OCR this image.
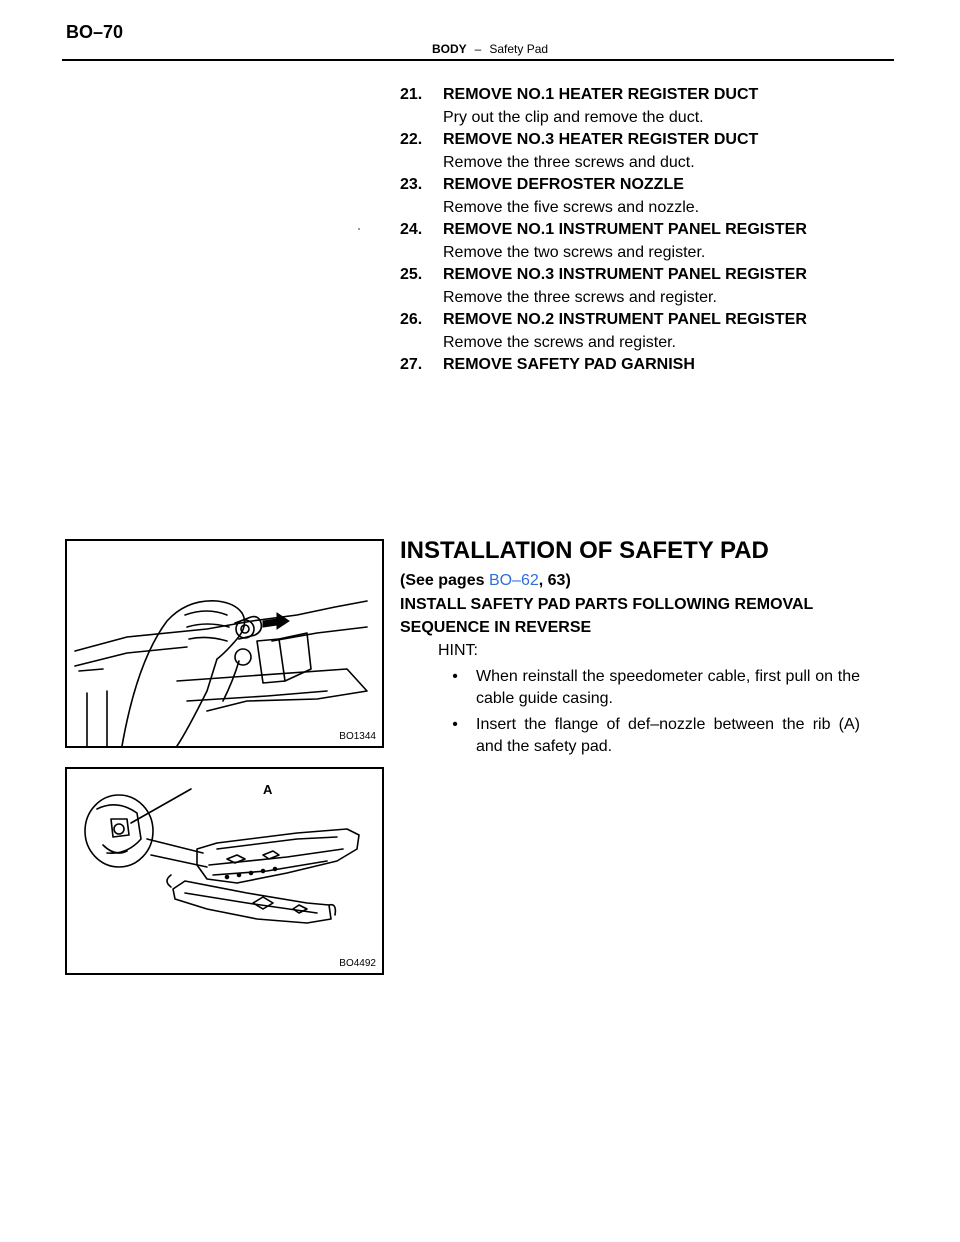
BO–70
BODY – Safety Pad
21.	REMOVE NO.1 HEATER REGISTER DUCT
Pry out the clip and remove the duct.
22.	REMOVE NO.3 HEATER REGISTER DUCT
Remove the three screws and duct.
23.	REMOVE DEFROSTER NOZZLE
Remove the five screws and nozzle.
24.	REMOVE NO.1 INSTRUMENT PANEL REGISTER
Remove the two screws and register.
25.	REMOVE NO.3 INSTRUMENT PANEL REGISTER
Remove the three screws and register.
26.	REMOVE NO.2 INSTRUMENT PANEL REGISTER
Remove the screws and register.
27.	REMOVE SAFETY PAD GARNISH
INSTALLATION OF SAFETY PAD
(See pages BO–62, 63)
INSTALL SAFETY PAD PARTS FOLLOWING REMOVAL SEQUENCE IN REVERSE
HINT:
•	When reinstall the speedometer cable, first pull on the cable guide casing.
•	Insert the flange of def–nozzle between the rib (A) and the safety pad.
BO1344
A
BO4492
